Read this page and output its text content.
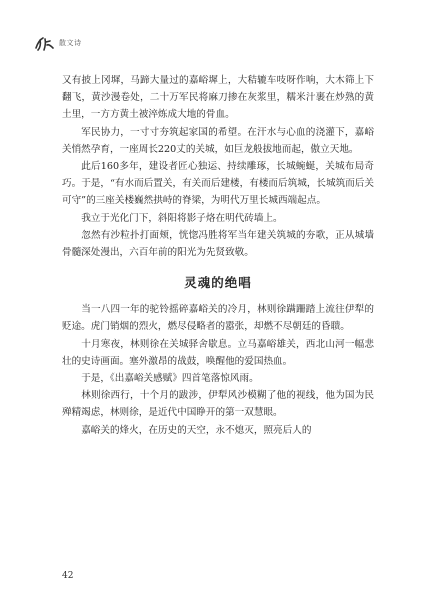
散文诗

又有披上冈墀，马蹄大量过的嘉峪墀上，大秸辘车吱呀作响，大木筛上下翻飞，黄沙漫卷处，二十万军民将麻刀掺在灰浆里，糯米汁裹在炒熟的黄土里，一方方黄土被淬炼成大地的骨血。

军民协力，一寸寸夯筑起家国的希望。在汗水与心血的浇灌下，嘉峪关悄然孕育，一座周长220丈的关城，如巨龙般拔地而起，傲立天地。

此后160多年，建设者匠心独运、持续雕琢，长城蜿蜒，关城布局奇巧。于是，“有水而后置关，有关而后建楼，有楼而后筑城，长城筑而后关可守”的三座关楼巍然拱峙的脊梁，为明代万里长城西端起点。

我立于光化门下，斜阳将影子烙在明代砖墙上。

忽然有沙粒扑打面颊，恍惚冯胜将军当年建关筑城的夯歌，正从城墙骨髓深处漫出，六百年前的阳光为先贤致敬。

灵魂的绝唱

当一八四一年的驼铃摇碎嘉峪关的冷月，林则徐蹒跚踏上流往伊犁的贬途。虎门销烟的烈火，燃尽侵略者的嚣张，却燃不尽朝廷的昏聩。

十月寒夜，林则徐在关城驿舍歇息。立马嘉峪雄关，西北山河一幅悲壮的史诗画面。塞外激昂的战鼓，唤醒他的爱国热血。

于是，《出嘉峪关感赋》四首笔落惊风雨。

林则徐西行，十个月的跋涉，伊犁风沙模糊了他的视线，他为国为民殚精竭虑，林则徐，是近代中国睁开的第一双慧眼。

嘉峪关的烽火，在历史的天空，永不熄灭，照亮后人的

42
